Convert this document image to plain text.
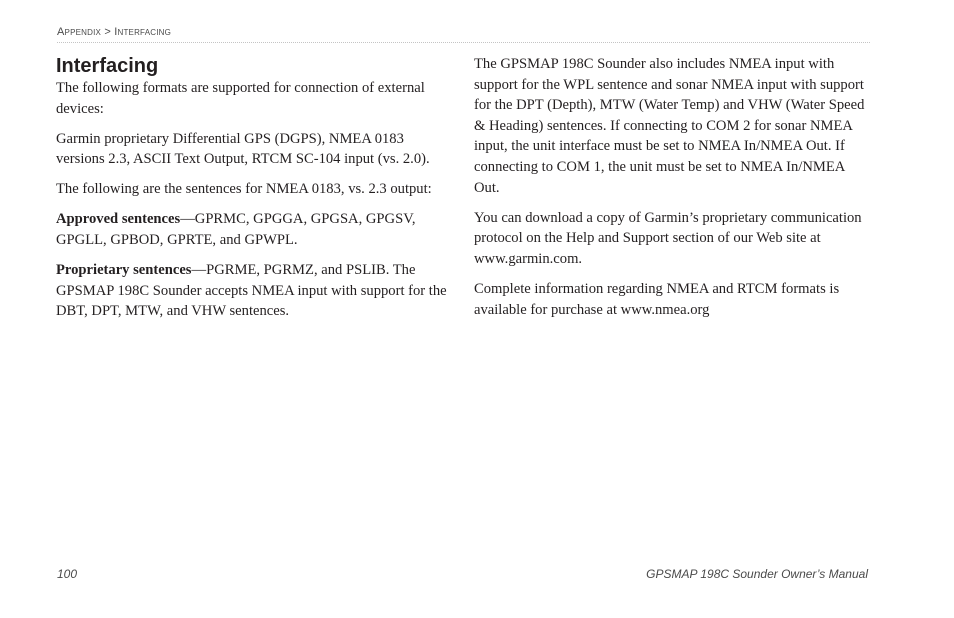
Appendix > Interfacing
Interfacing

The following formats are supported for connection of external devices:

Garmin proprietary Differential GPS (DGPS), NMEA 0183 versions 2.3, ASCII Text Output, RTCM SC-104 input (vs. 2.0).

The following are the sentences for NMEA 0183, vs. 2.3 output:

Approved sentences—GPRMC, GPGGA, GPGSA, GPGSV, GPGLL, GPBOD, GPRTE, and GPWPL.

Proprietary sentences—PGRME, PGRMZ, and PSLIB. The GPSMAP 198C Sounder accepts NMEA input with support for the DBT, DPT, MTW, and VHW sentences.

The GPSMAP 198C Sounder also includes NMEA input with support for the WPL sentence and sonar NMEA input with support for the DPT (Depth), MTW (Water Temp) and VHW (Water Speed & Heading) sentences. If connecting to COM 2 for sonar NMEA input, the unit interface must be set to NMEA In/NMEA Out. If connecting to COM 1, the unit must be set to NMEA In/NMEA Out.

You can download a copy of Garmin’s proprietary communication protocol on the Help and Support section of our Web site at www.garmin.com.

Complete information regarding NMEA and RTCM formats is available for purchase at www.nmea.org

100	GPSMAP 198C Sounder Owner’s Manual
